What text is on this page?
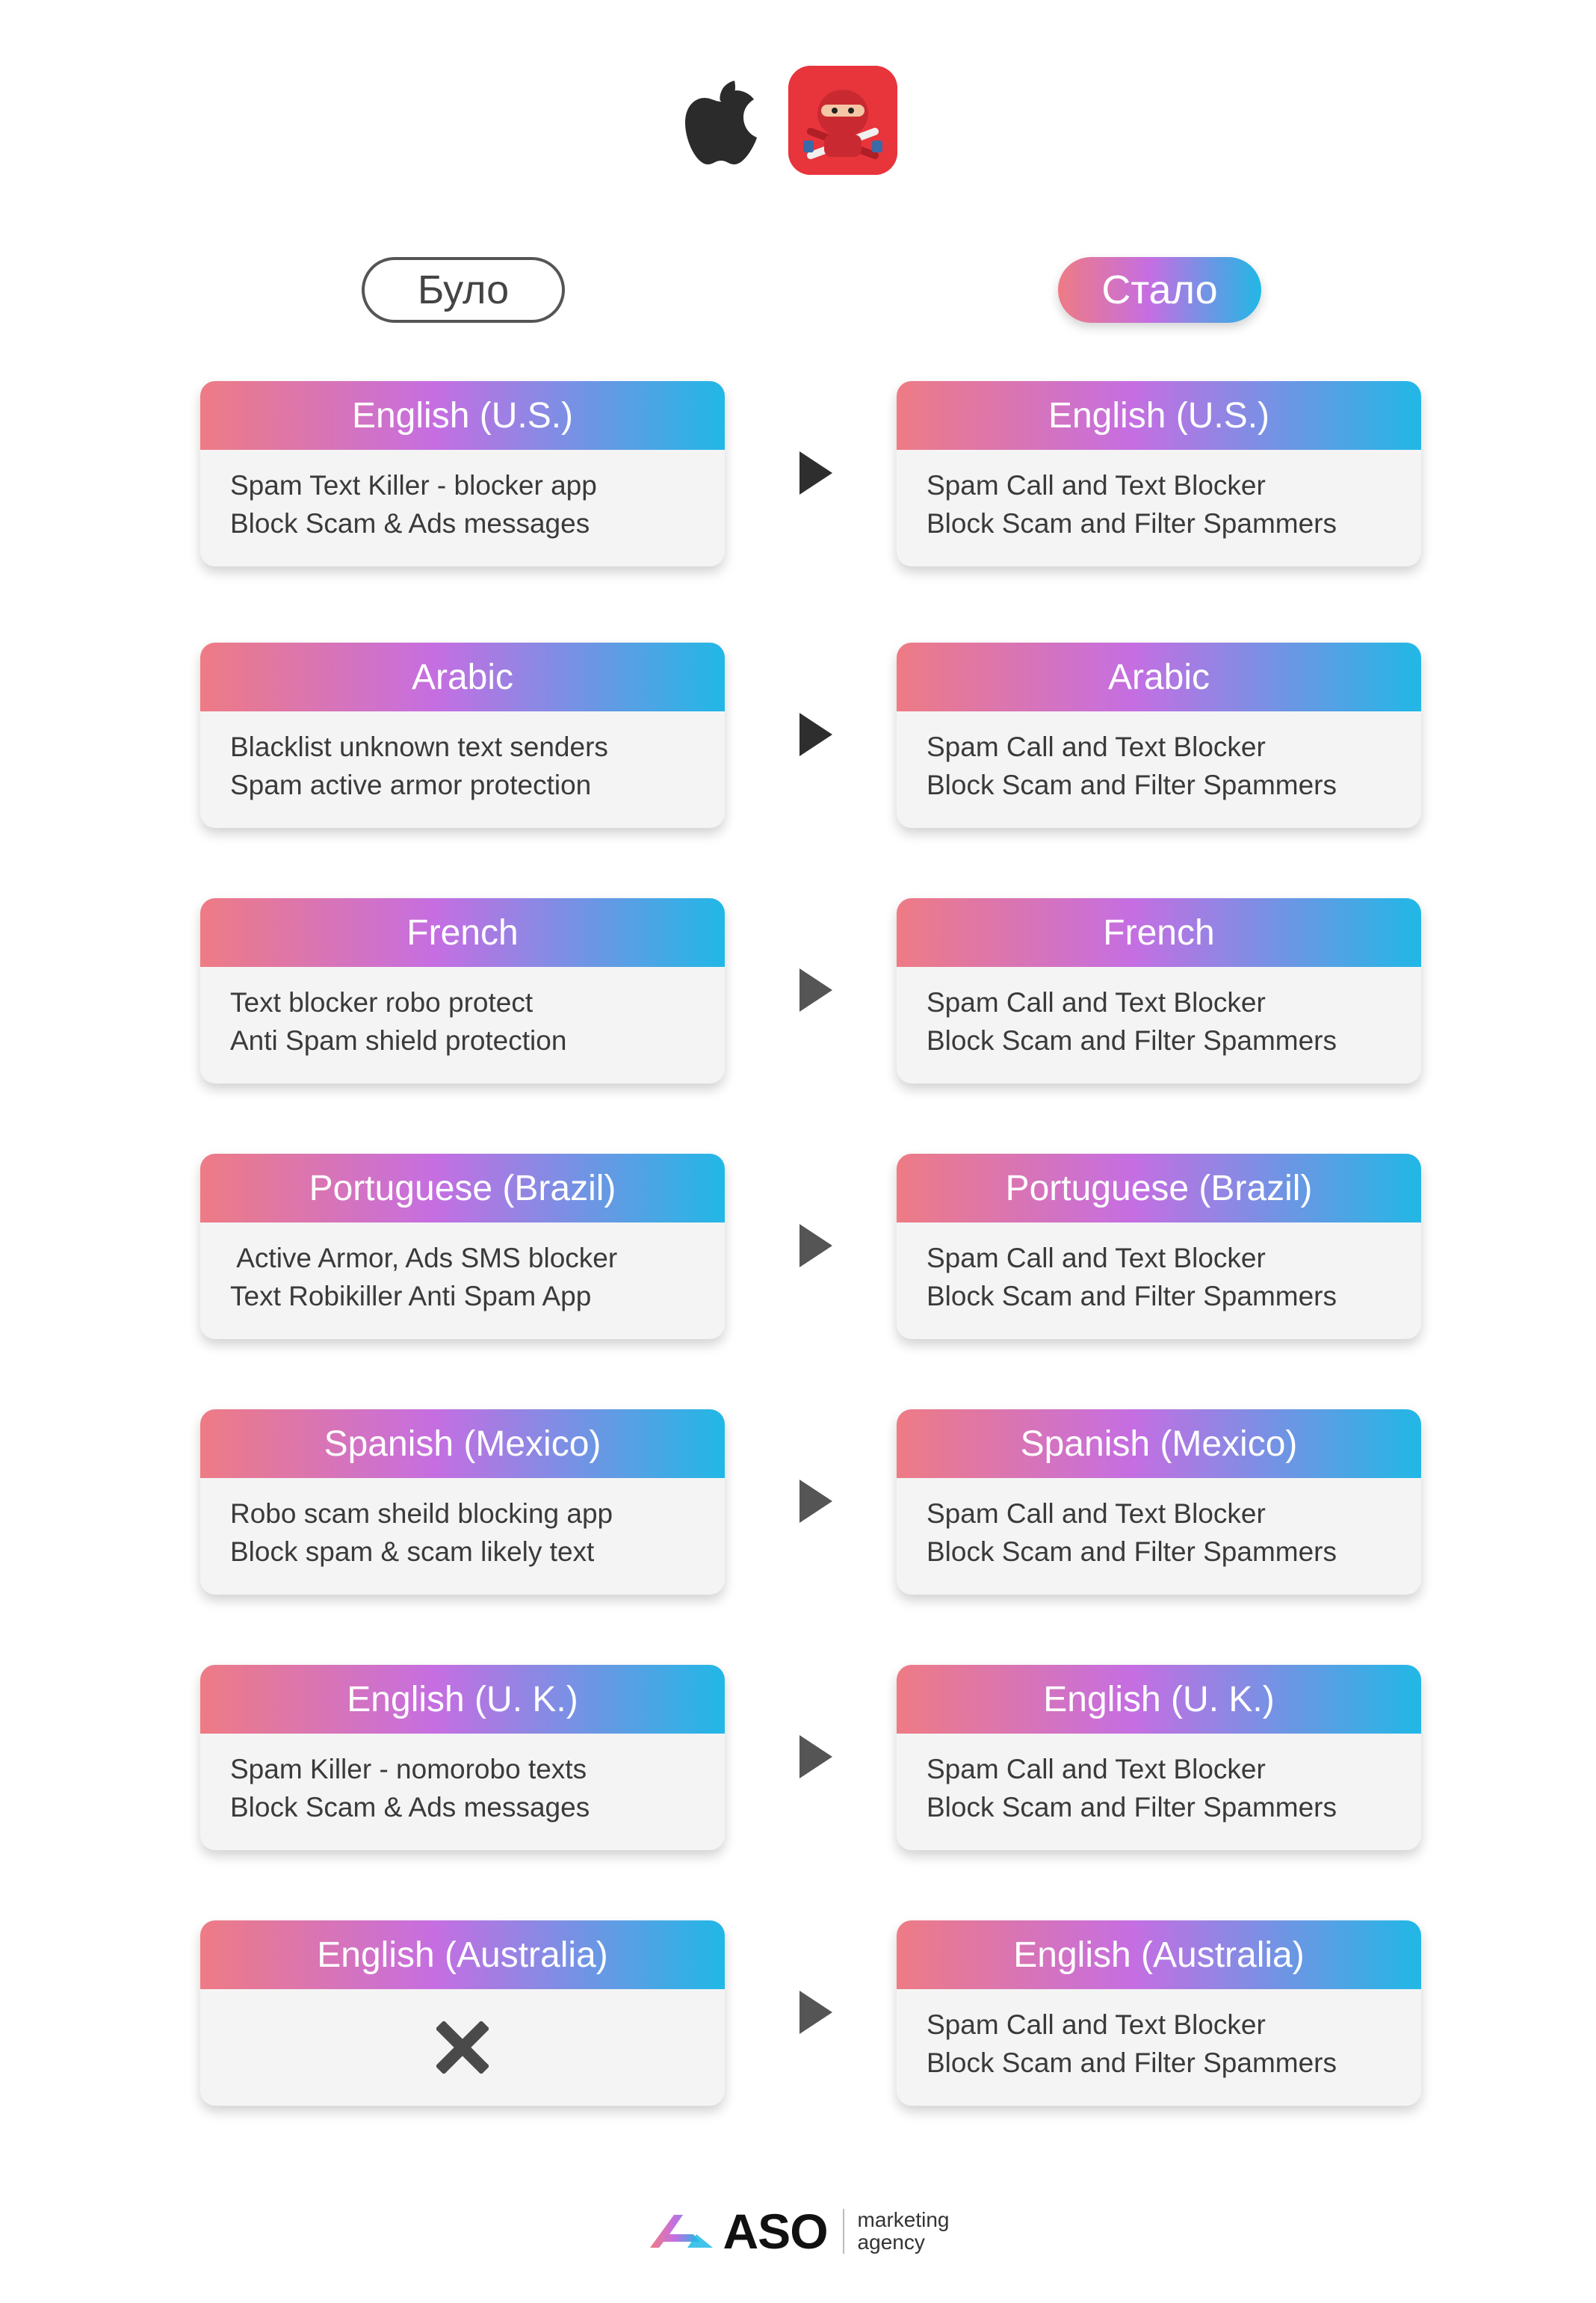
Було	Стало
English (U.S.)
Spam Text Killer - blocker app
Block Scam & Ads messages
English (U.S.)
Spam Call and Text Blocker
Block Scam and Filter Spammers
Arabic
Blacklist unknown text senders
Spam active armor protection
Arabic
Spam Call and Text Blocker
Block Scam and Filter Spammers
French
Text blocker robo protect
Anti Spam shield protection
French
Spam Call and Text Blocker
Block Scam and Filter Spammers
Portuguese (Brazil)
Active Armor, Ads SMS blocker
Text Robikiller Anti Spam App
Portuguese (Brazil)
Spam Call and Text Blocker
Block Scam and Filter Spammers
Spanish (Mexico)
Robo scam sheild blocking app
Block spam & scam likely text
Spanish (Mexico)
Spam Call and Text Blocker
Block Scam and Filter Spammers
English (U. K.)
Spam Killer - nomorobo texts
Block Scam & Ads messages
English (U. K.)
Spam Call and Text Blocker
Block Scam and Filter Spammers
English (Australia)	English (Australia)
Spam Call and Text Blocker
Block Scam and Filter Spammers
ASO marketing
agency
